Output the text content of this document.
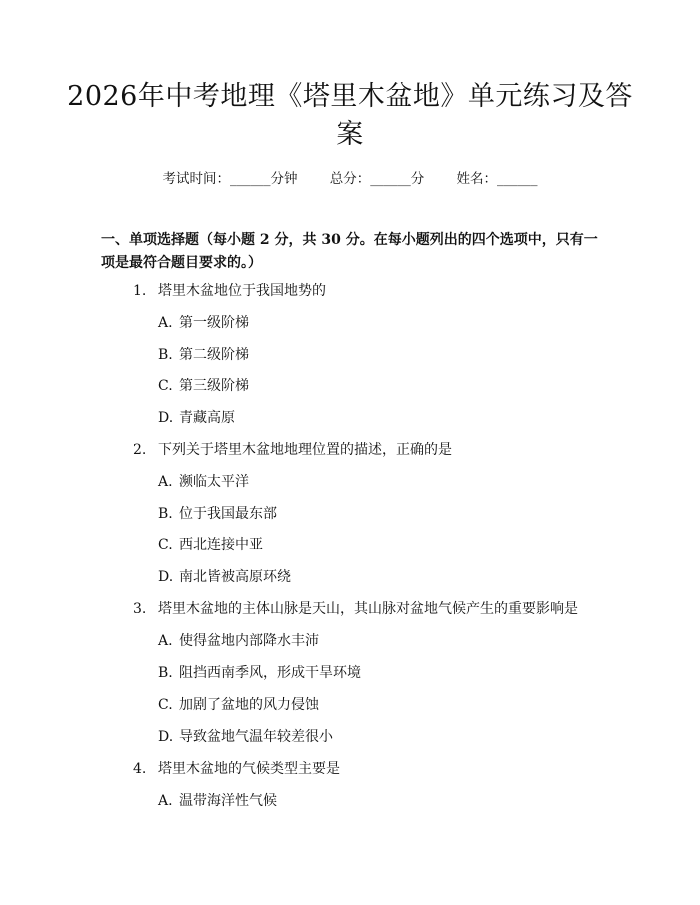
2026年中考地理《塔里木盆地》单元练习及答案
考试时间：______分钟 总分：______分 姓名：______

一、单项选择题（每小题 2 分，共 30 分。在每小题列出的四个选项中，只有一项是最符合题目要求的。）

1. 塔里木盆地位于我国地势的
A. 第一级阶梯
B. 第二级阶梯
C. 第三级阶梯
D. 青藏高原
2. 下列关于塔里木盆地地理位置的描述，正确的是
A. 濒临太平洋
B. 位于我国最东部
C. 西北连接中亚
D. 南北皆被高原环绕
3. 塔里木盆地的主体山脉是天山，其山脉对盆地气候产生的重要影响是
A. 使得盆地内部降水丰沛
B. 阻挡西南季风，形成干旱环境
C. 加剧了盆地的风力侵蚀
D. 导致盆地气温年较差很小
4. 塔里木盆地的气候类型主要是
A. 温带海洋性气候
